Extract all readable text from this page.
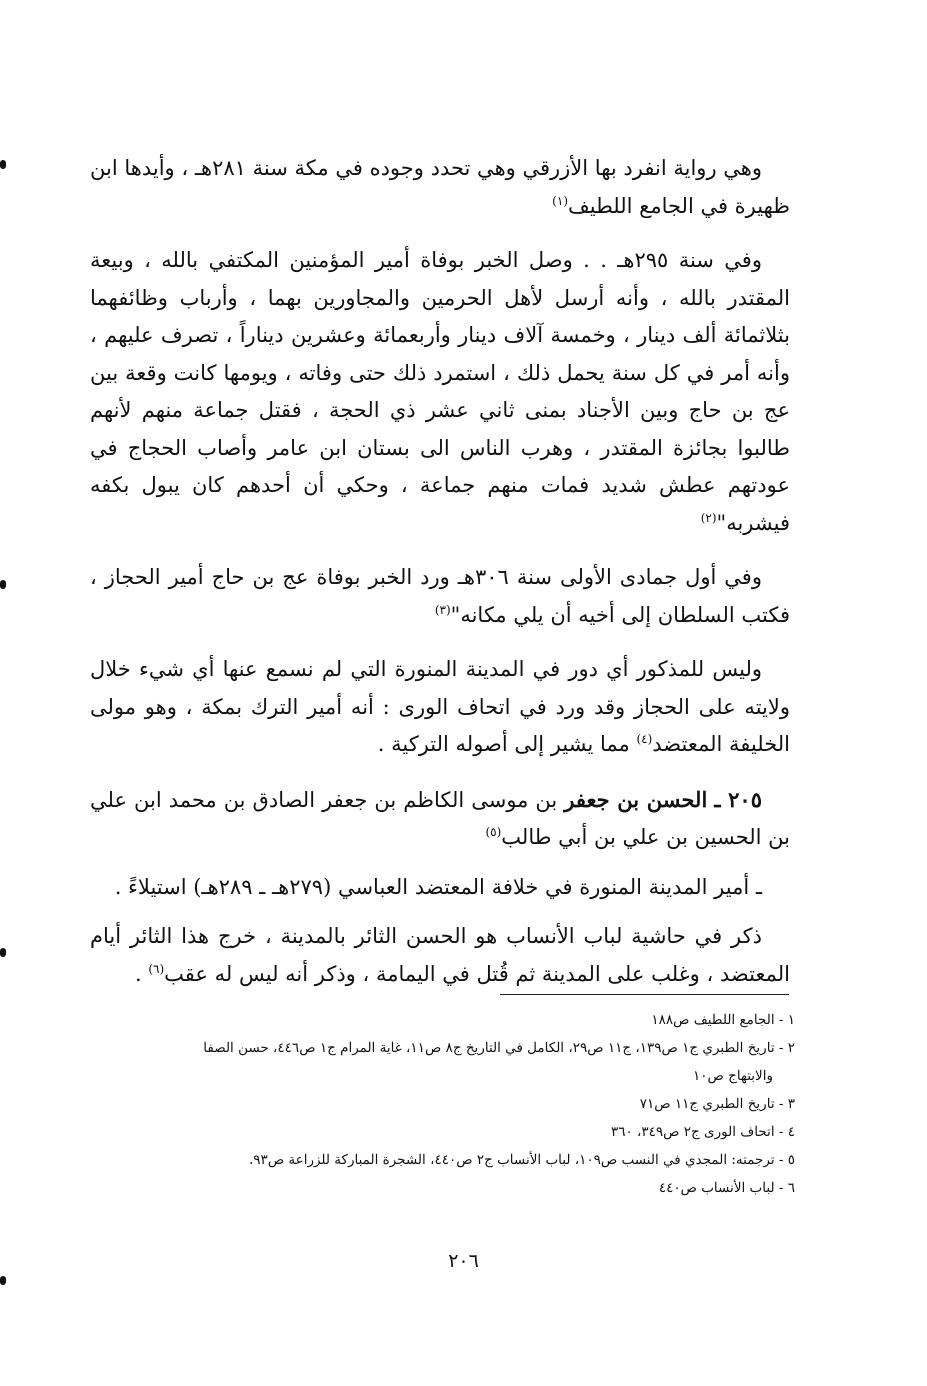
وهي رواية انفرد بها الأزرقي وهي تحدد وجوده في مكة سنة ٢٨١هـ ، وأيدها ابن ظهيرة في الجامع اللطيف$^{(١)}$

وفي سنة ٢٩٥هـ . . وصل الخبر بوفاة أمير المؤمنين المكتفي بالله ، وبيعة المقتدر بالله ، وأنه أرسل لأهل الحرمين والمجاورين بهما ، وأرباب وظائفهما بثلاثمائة ألف دينار ، وخمسة آلاف دينار وأربعمائة وعشرين ديناراً ، تصرف عليهم ، وأنه أمر في كل سنة يحمل ذلك ، استمرد ذلك حتى وفاته ، ويومها كانت وقعة بين عج بن حاج وبين الأجناد بمنى ثاني عشر ذي الحجة ، فقتل جماعة منهم لأنهم طالبوا بجائزة المقتدر ، وهرب الناس الى بستان ابن عامر وأصاب الحجاج في عودتهم عطش شديد فمات منهم جماعة ، وحكي أن أحدهم كان يبول بكفه فيشربه"$^{(٢)}$

وفي أول جمادى الأولى سنة ٣٠٦هـ ورد الخبر بوفاة عج بن حاج أمير الحجاز ، فكتب السلطان إلى أخيه أن يلي مكانه"$^{(٣)}$

وليس للمذكور أي دور في المدينة المنورة التي لم نسمع عنها أي شيء خلال ولايته على الحجاز وقد ورد في اتحاف الورى : أنه أمير الترك بمكة ، وهو مولى الخليفة المعتضد$^{(٤)}$ مما يشير إلى أصوله التركية .

٢٠٥ ـ الحسن بن جعفر بن موسى الكاظم بن جعفر الصادق بن محمد ابن علي بن الحسين بن علي بن أبي طالب$^{(٥)}$

ـ أمير المدينة المنورة في خلافة المعتضد العباسي (٢٧٩هـ ـ ٢٨٩هـ) استيلاءً .

ذكر في حاشية لباب الأنساب هو الحسن الثائر بالمدينة ، خرج هذا الثائر أيام المعتضد ، وغلب على المدينة ثم قُتل في اليمامة ، وذكر أنه ليس له عقب$^{(٦)}$ .

١ - الجامع اللطيف ص١٨٨

٢ - تاريخ الطبري ج١ ص١٣٩، ج١١ ص٢٩، الكامل في التاريخ ج٨ ص١١، غاية المرام ج١ ص٤٤٦، حسن الصفا

والابتهاج ص١٠

٣ - تاريخ الطبري ج١١ ص٧١

٤ - اتحاف الورى ج٢ ص٣٤٩، ٣٦٠

٥ - ترجمته: المجدي في النسب ص١٠٩، لباب الأنساب ج٢ ص٤٤٠، الشجرة المباركة للزراعة ص٩٣.

٦ - لباب الأنساب ص٤٤٠

٢٠٦
